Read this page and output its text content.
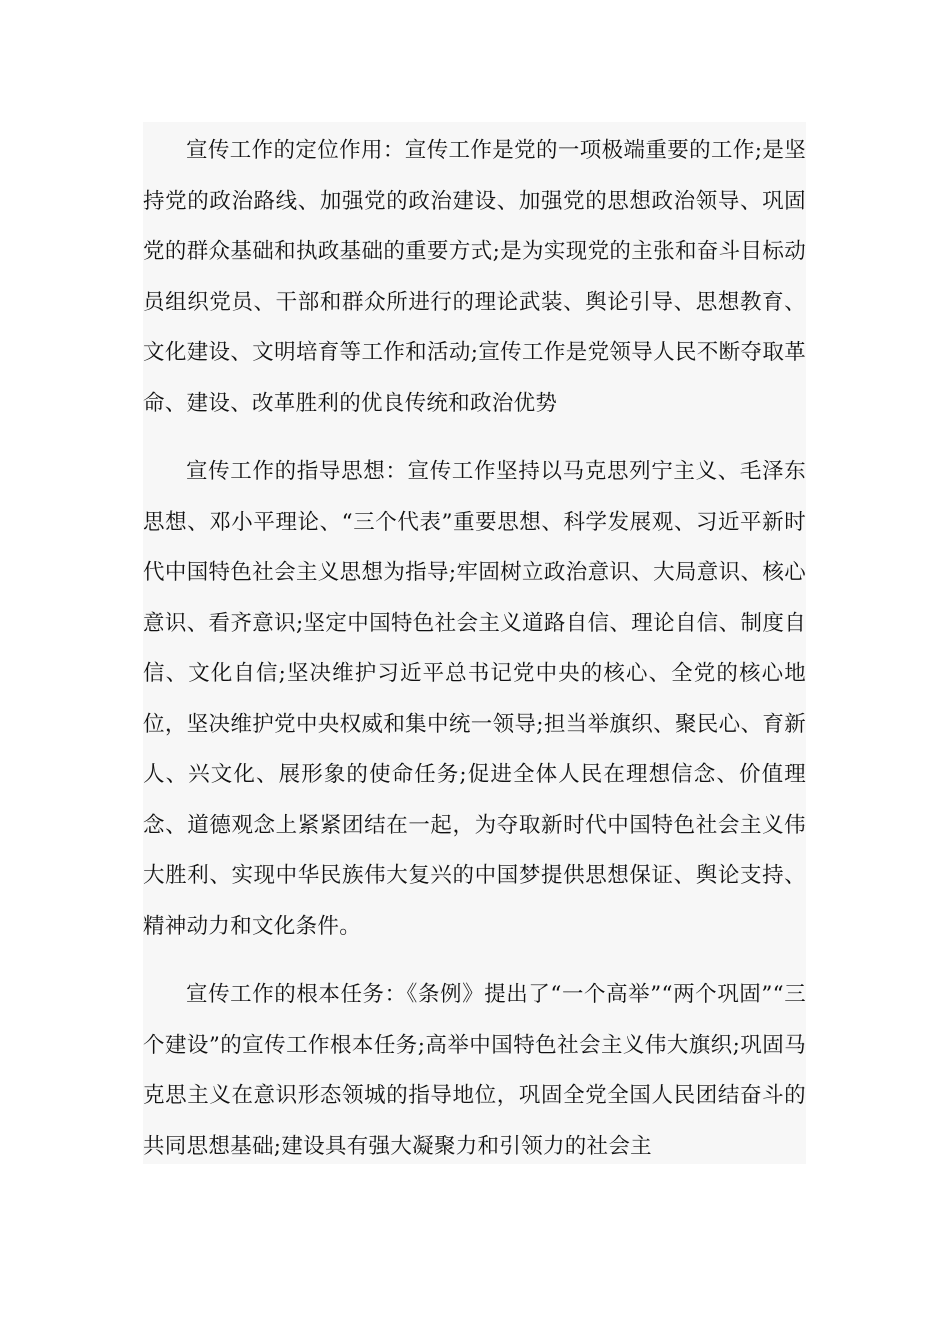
宣传工作的定位作用：宣传工作是党的一项极端重要的工作;是坚持党的政治路线、加强党的政治建设、加强党的思想政治领导、巩固党的群众基础和执政基础的重要方式;是为实现党的主张和奋斗目标动员组织党员、干部和群众所进行的理论武装、舆论引导、思想教育、文化建设、文明培育等工作和活动;宣传工作是党领导人民不断夺取革命、建设、改革胜利的优良传统和政治优势

宣传工作的指导思想：宣传工作坚持以马克思列宁主义、毛泽东思想、邓小平理论、“三个代表”重要思想、科学发展观、习近平新时代中国特色社会主义思想为指导;牢固树立政治意识、大局意识、核心意识、看齐意识;坚定中国特色社会主义道路自信、理论自信、制度自信、文化自信;坚决维护习近平总书记党中央的核心、全党的核心地位，坚决维护党中央权威和集中统一领导;担当举旗织、聚民心、育新人、兴文化、展形象的使命任务;促进全体人民在理想信念、价值理念、道德观念上紧紧团结在一起，为夺取新时代中国特色社会主义伟大胜利、实现中华民族伟大复兴的中国梦提供思想保证、舆论支持、精神动力和文化条件。

宣传工作的根本任务：《条例》提出了“一个高举”“两个巩固”“三个建设”的宣传工作根本任务;高举中国特色社会主义伟大旗织;巩固马克思主义在意识形态领城的指导地位，巩固全党全国人民团结奋斗的共同思想基础;建设具有强大凝聚力和引领力的社会主
